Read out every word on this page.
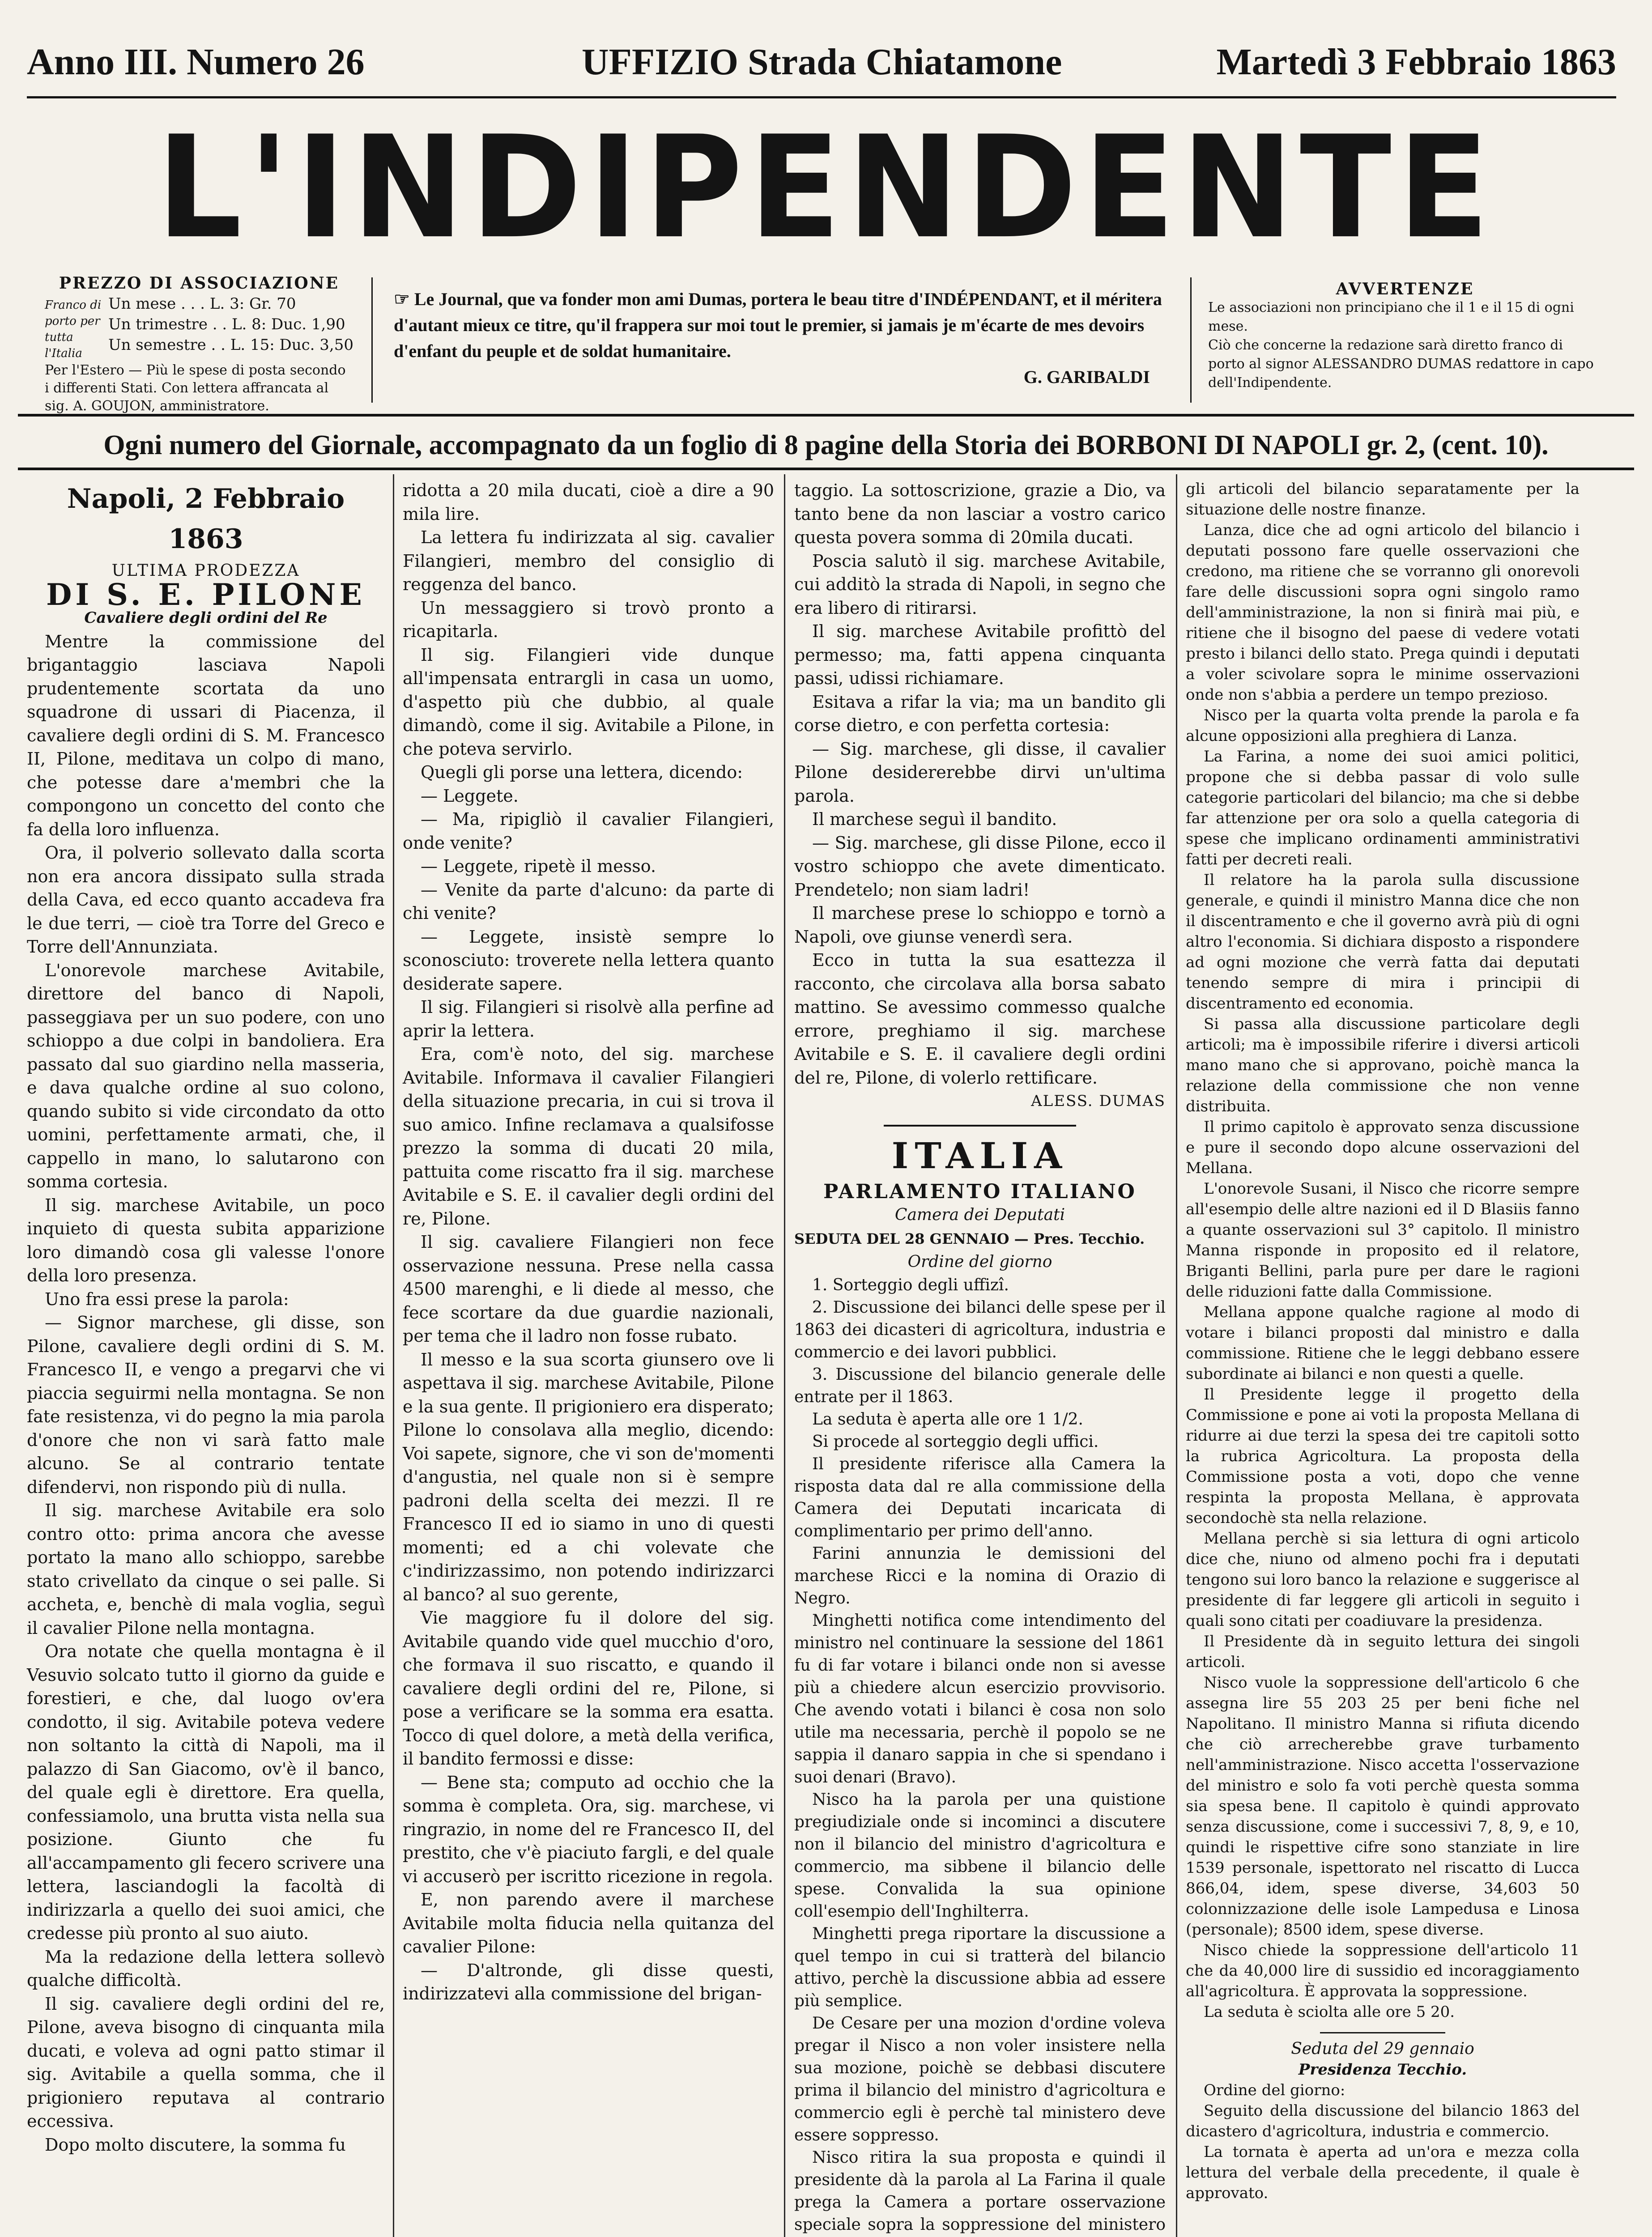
Anno III. Numero 26	UFFIZIO Strada Chiatamone	Martedì 3 Febbraio 1863
L'INDIPENDENTE
PREZZO DI ASSOCIAZIONE
Franco di porto per tutta l'Italia
Un mese . . . L. 3: Gr. 70
Un trimestre . . L. 8: Duc. 1,90
Un semestre . . L. 15: Duc. 3,50
Per l'Estero — Più le spese di posta secondo i differenti Stati. Con lettera affrancata al sig. A. GOUJON, amministratore.
☞ Le Journal, que va fonder mon ami Dumas, portera le beau titre d'INDÉPENDANT, et il méritera d'autant mieux ce titre, qu'il frappera sur moi tout le premier, si jamais je m'écarte de mes devoirs d'enfant du peuple et de soldat humanitaire.
G. GARIBALDI
AVVERTENZE
Le associazioni non principiano che il 1 e il 15 di ogni mese.
Ciò che concerne la redazione sarà diretto franco di porto al signor ALESSANDRO DUMAS redattore in capo dell'Indipendente.
Ogni numero del Giornale, accompagnato da un foglio di 8 pagine della Storia dei BORBONI DI NAPOLI gr. 2, (cent. 10).
Napoli, 2 Febbraio 1863
ULTIMA PRODEZZA
DI S. E. PILONE
Cavaliere degli ordini del Re

Mentre la commissione del brigantaggio lasciava Napoli prudentemente scortata da uno squadrone di ussari di Piacenza, il cavaliere degli ordini di S. M. Francesco II, Pilone, meditava un colpo di mano, che potesse dare a'membri che la compongono un concetto del conto che fa della loro influenza.

Ora, il polverio sollevato dalla scorta non era ancora dissipato sulla strada della Cava, ed ecco quanto accadeva fra le due terri, — cioè tra Torre del Greco e Torre dell'Annunziata.

L'onorevole marchese Avitabile, direttore del banco di Napoli, passeggiava per un suo podere, con uno schioppo a due colpi in bandoliera. Era passato dal suo giardino nella masseria, e dava qualche ordine al suo colono, quando subito si vide circondato da otto uomini, perfettamente armati, che, il cappello in mano, lo salutarono con somma cortesia.

Il sig. marchese Avitabile, un poco inquieto di questa subita apparizione loro dimandò cosa gli valesse l'onore della loro presenza.

Uno fra essi prese la parola:

— Signor marchese, gli disse, son Pilone, cavaliere degli ordini di S. M. Francesco II, e vengo a pregarvi che vi piaccia seguirmi nella montagna. Se non fate resistenza, vi do pegno la mia parola d'onore che non vi sarà fatto male alcuno. Se al contrario tentate difendervi, non rispondo più di nulla.

Il sig. marchese Avitabile era solo contro otto: prima ancora che avesse portato la mano allo schioppo, sarebbe stato crivellato da cinque o sei palle. Si accheta, e, benchè di mala voglia, seguì il cavalier Pilone nella montagna.

Ora notate che quella montagna è il Vesuvio solcato tutto il giorno da guide e forestieri, e che, dal luogo ov'era condotto, il sig. Avitabile poteva vedere non soltanto la città di Napoli, ma il palazzo di San Giacomo, ov'è il banco, del quale egli è direttore. Era quella, confessiamolo, una brutta vista nella sua posizione. Giunto che fu all'accampamento gli fecero scrivere una lettera, lasciandogli la facoltà di indirizzarla a quello dei suoi amici, che credesse più pronto al suo aiuto.

Ma la redazione della lettera sollevò qualche difficoltà.

Il sig. cavaliere degli ordini del re, Pilone, aveva bisogno di cinquanta mila ducati, e voleva ad ogni patto stimar il sig. Avitabile a quella somma, che il prigioniero reputava al contrario eccessiva.

Dopo molto discutere, la somma fu

ridotta a 20 mila ducati, cioè a dire a 90 mila lire.

La lettera fu indirizzata al sig. cavalier Filangieri, membro del consiglio di reggenza del banco.

Un messaggiero si trovò pronto a ricapitarla.

Il sig. Filangieri vide dunque all'impensata entrargli in casa un uomo, d'aspetto più che dubbio, al quale dimandò, come il sig. Avitabile a Pilone, in che poteva servirlo.

Quegli gli porse una lettera, dicendo:

— Leggete.

— Ma, ripigliò il cavalier Filangieri, onde venite?

— Leggete, ripetè il messo.

— Venite da parte d'alcuno: da parte di chi venite?

— Leggete, insistè sempre lo sconosciuto: troverete nella lettera quanto desiderate sapere.

Il sig. Filangieri si risolvè alla perfine ad aprir la lettera.

Era, com'è noto, del sig. marchese Avitabile. Informava il cavalier Filangieri della situazione precaria, in cui si trova il suo amico. Infine reclamava a qualsifosse prezzo la somma di ducati 20 mila, pattuita come riscatto fra il sig. marchese Avitabile e S. E. il cavalier degli ordini del re, Pilone.

Il sig. cavaliere Filangieri non fece osservazione nessuna. Prese nella cassa 4500 marenghi, e li diede al messo, che fece scortare da due guardie nazionali, per tema che il ladro non fosse rubato.

Il messo e la sua scorta giunsero ove li aspettava il sig. marchese Avitabile, Pilone e la sua gente. Il prigioniero era disperato; Pilone lo consolava alla meglio, dicendo: Voi sapete, signore, che vi son de'momenti d'angustia, nel quale non si è sempre padroni della scelta dei mezzi. Il re Francesco II ed io siamo in uno di questi momenti; ed a chi volevate che c'indirizzassimo, non potendo indirizzarci al banco? al suo gerente,

Vie maggiore fu il dolore del sig. Avitabile quando vide quel mucchio d'oro, che formava il suo riscatto, e quando il cavaliere degli ordini del re, Pilone, si pose a verificare se la somma era esatta. Tocco di quel dolore, a metà della verifica, il bandito fermossi e disse:

— Bene sta; computo ad occhio che la somma è completa. Ora, sig. marchese, vi ringrazio, in nome del re Francesco II, del prestito, che v'è piaciuto fargli, e del quale vi accuserò per iscritto ricezione in regola.

E, non parendo avere il marchese Avitabile molta fiducia nella quitanza del cavalier Pilone:

— D'altronde, gli disse questi, indirizzatevi alla commissione del brigan-

taggio. La sottoscrizione, grazie a Dio, va tanto bene da non lasciar a vostro carico questa povera somma di 20mila ducati.

Posciа salutò il sig. marchese Avitabile, cui additò la strada di Napoli, in segno che era libero di ritirarsi.

Il sig. marchese Avitabile profittò del permesso; ma, fatti appena cinquanta passi, udissi richiamare.

Esitava a rifar la via; ma un bandito gli corse dietro, e con perfetta cortesia:

— Sig. marchese, gli disse, il cavalier Pilone desidererebbe dirvi un'ultima parola.

Il marchese seguì il bandito.

— Sig. marchese, gli disse Pilone, ecco il vostro schioppo che avete dimenticato. Prendetelo; non siam ladri!

Il marchese prese lo schioppo e tornò a Napoli, ove giunse venerdì sera.

Ecco in tutta la sua esattezza il racconto, che circolava alla borsa sabato mattino. Se avessimo commesso qualche errore, preghiamo il sig. marchese Avitabile e S. E. il cavaliere degli ordini del re, Pilone, di volerlo rettificare.

ALESS. DUMAS
ITALIA
PARLAMENTO ITALIANO
Camera dei Deputati
SEDUTA DEL 28 GENNAIO — Pres. Tecchio.
Ordine del giorno

1. Sorteggio degli uffizî.

2. Discussione dei bilanci delle spese per il 1863 dei dicasteri di agricoltura, industria e commercio e dei lavori pubblici.

3. Discussione del bilancio generale delle entrate per il 1863.

La seduta è aperta alle ore 1 1/2.

Si procede al sorteggio degli uffici.

Il presidente riferisce alla Camera la risposta data dal re alla commissione della Camera dei Deputati incaricata di complimentario per primo dell'anno.

Farini annunzia le demissioni del marchese Ricci e la nomina di Orazio di Negro.

Minghetti notifica come intendimento del ministro nel continuare la sessione del 1861 fu di far votare i bilanci onde non si avesse più a chiedere alcun esercizio provvisorio. Che avendo votati i bilanci è cosa non solo utile ma necessaria, perchè il popolo se ne sappia il danaro sappia in che si spendano i suoi denari (Bravo).

Nisco ha la parola per una quistione pregiudiziale onde si incominci a discutere non il bilancio del ministro d'agricoltura e commercio, ma sibbene il bilancio delle spese. Convalida la sua opinione coll'esempio dell'Inghilterra.

Minghetti prega riportare la discussione a quel tempo in cui si tratterà del bilancio attivo, perchè la discussione abbia ad essere più semplice.

De Cesare per una mozion d'ordine voleva pregar il Nisco a non voler insistere nella sua mozione, poichè se debbasi discutere prima il bilancio del ministro d'agricoltura e commercio egli è perchè tal ministero deve essere soppresso.

Nisco ritira la sua proposta e quindi il presidente dà la parola al La Farina il quale prega la Camera a portare osservazione speciale sopra la soppressione del ministero

gli articoli del bilancio separatamente per la situazione delle nostre finanze.

Lanza, dice che ad ogni articolo del bilancio i deputati possono fare quelle osservazioni che credono, ma ritiene che se vorranno gli onorevoli fare delle discussioni sopra ogni singolo ramo dell'amministrazione, la non si finirà mai più, e ritiene che il bisogno del paese di vedere votati presto i bilanci dello stato. Prega quindi i deputati a voler scivolare sopra le minime osservazioni onde non s'abbia a perdere un tempo prezioso.

Nisco per la quarta volta prende la parola e fa alcune opposizioni alla preghiera di Lanza.

La Farina, a nome dei suoi amici politici, propone che si debba passar di volo sulle categorie particolari del bilancio; ma che si debbe far attenzione per ora solo a quella categoria di spese che implicano ordinamenti amministrativi fatti per decreti reali.

Il relatore ha la parola sulla discussione generale, e quindi il ministro Manna dice che non il discentramento e che il governo avrà più di ogni altro l'economia. Si dichiara disposto a rispondere ad ogni mozione che verrà fatta dai deputati tenendo sempre di mira i principii di discentramento ed economia.

Si passa alla discussione particolare degli articoli; ma è impossibile riferire i diversi articoli mano mano che si approvano, poichè manca la relazione della commissione che non venne distribuita.

Il primo capitolo è approvato senza discussione e pure il secondo dopo alcune osservazioni del Mellana.

L'onorevole Susani, il Nisco che ricorre sempre all'esempio delle altre nazioni ed il D Blasiis fanno a quante osservazioni sul 3° capitolo. Il ministro Manna risponde in proposito ed il relatore, Briganti Bellini, parla pure per dare le ragioni delle riduzioni fatte dalla Commissione.

Mellana appone qualche ragione al modo di votare i bilanci proposti dal ministro e dalla commissione. Ritiene che le leggi debbano essere subordinate ai bilanci e non questi a quelle.

Il Presidente legge il progetto della Commissione e pone ai voti la proposta Mellana di ridurre ai due terzi la spesa dei tre capitoli sotto la rubrica Agricoltura. La proposta della Commissione posta a voti, dopo che venne respinta la proposta Mellana, è approvata secondochè sta nella relazione.

Mellana perchè si sia lettura di ogni articolo dice che, niuno od almeno pochi fra i deputati tengono sui loro banco la relazione e suggerisce al presidente di far leggere gli articoli in seguito i quali sono citati per coadiuvare la presidenza.

Il Presidente dà in seguito lettura dei singoli articoli.

Nisco vuole la soppressione dell'articolo 6 che assegna lire 55 203 25 per beni fiche nel Napolitano. Il ministro Manna si rifiuta dicendo che ciò arrecherebbe grave turbamento nell'amministrazione. Nisco accetta l'osservazione del ministro e solo fa voti perchè questa somma sia spesa bene. Il capitolo è quindi approvato senza discussione, come i successivi 7, 8, 9, e 10, quindi le rispettive cifre sono stanziate in lire 1539 personale, ispettorato nel riscatto di Lucca 866,04, idem, spese diverse, 34,603 50 colonnizzazione delle isole Lampedusa e Linosa (personale); 8500 idem, spese diverse.

Nisco chiede la soppressione dell'articolo 11 che da 40,000 lire di sussidio ed incoraggiamento all'agricoltura. È approvata la soppressione.

La seduta è sciolta alle ore 5 20.

Seduta del 29 gennaio
Presidenza Tecchio.

Ordine del giorno:

Seguito della discussione del bilancio 1863 del dicastero d'agricoltura, industria e commercio.

La tornata è aperta ad un'ora e mezza colla lettura del verbale della precedente, il quale è approvato.
